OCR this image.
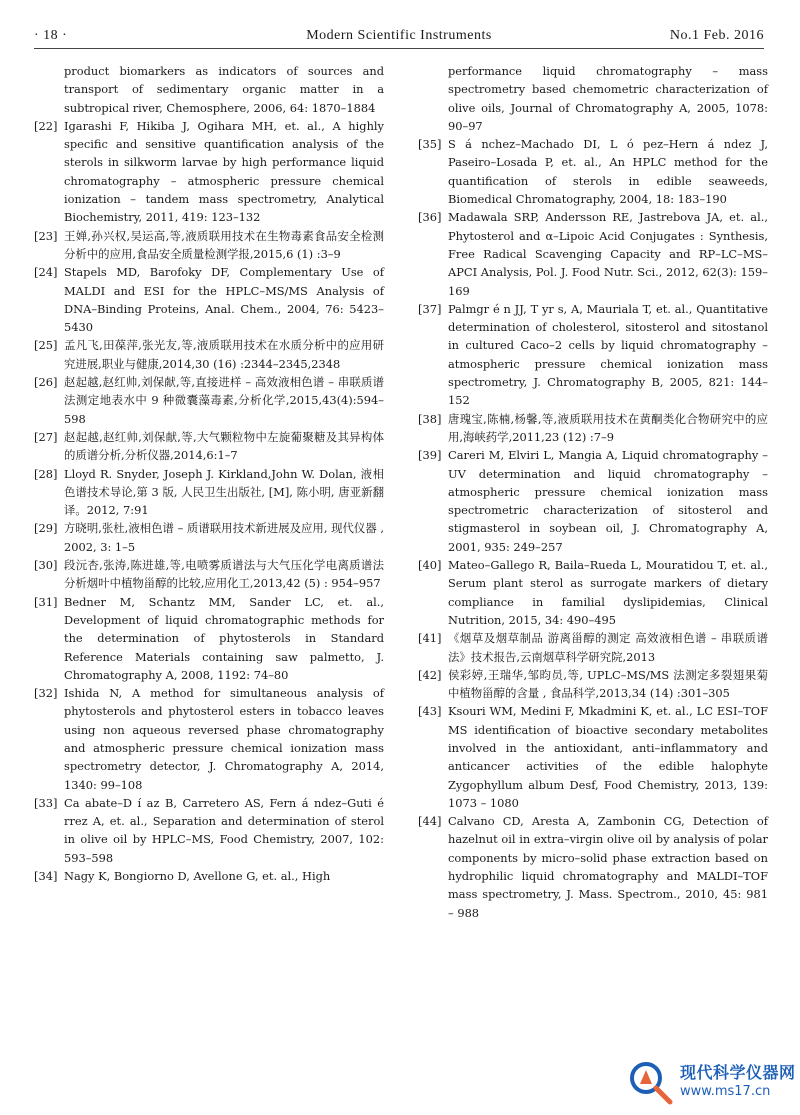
· 18 ·	Modern Scientific Instruments	No.1 Feb. 2016
product biomarkers as indicators of sources and transport of sedimentary organic matter in a subtropical river, Chemosphere, 2006, 64: 1870–1884
[22] Igarashi F, Hikiba J, Ogihara MH, et. al., A highly specific and sensitive quantification analysis of the sterols in silkworm larvae by high performance liquid chromatography – atmospheric pressure chemical ionization – tandem mass spectrometry, Analytical Biochemistry, 2011, 419: 123–132
[23] 王婵,孙兴权,吴运高,等,液质联用技术在生物毒素食品安全检测分析中的应用,食品安全质量检测学报,2015,6 (1) :3–9
[24] Stapels MD, Barofoky DF, Complementary Use of MALDI and ESI for the HPLC–MS/MS Analysis of DNA–Binding Proteins, Anal. Chem., 2004, 76: 5423–5430
[25] 孟凡飞,田葆萍,张光友,等,液质联用技术在水质分析中的应用研究进展,职业与健康,2014,30 (16) :2344–2345,2348
[26] 赵起越,赵红帅,刘保献,等,直接进样 – 高效液相色谱 – 串联质谱法测定地表水中 9 种微囊藻毒素,分析化学,2015,43(4):594–598
[27] 赵起越,赵红帅,刘保献,等,大气颗粒物中左旋葡聚糖及其异构体的质谱分析,分析仪器,2014,6:1–7
[28] Lloyd R. Snyder, Joseph J. Kirkland,John W. Dolan, 液相色谱技术导论,第 3 版, 人民卫生出版社, [M], 陈小明, 唐亚新翻译。2012, 7:91
[29] 方晓明,张杜,液相色谱 – 质谱联用技术新进展及应用, 现代仪器 , 2002, 3: 1–5
[30] 段沅杏,张涛,陈进雄,等,电喷雾质谱法与大气压化学电离质谱法分析烟叶中植物甾醇的比较,应用化工,2013,42 (5) : 954–957
[31] Bedner M, Schantz MM, Sander LC, et. al., Development of liquid chromatographic methods for the determination of phytosterols in Standard Reference Materials containing saw palmetto, J. Chromatography A, 2008, 1192: 74–80
[32] Ishida N, A method for simultaneous analysis of phytosterols and phytosterol esters in tobacco leaves using non aqueous reversed phase chromatography and atmospheric pressure chemical ionization mass spectrometry detector, J. Chromatography A, 2014, 1340: 99–108
[33] Ca abate–D í az B, Carretero AS, Fern á ndez–Guti é rrez A, et. al., Separation and determination of sterol in olive oil by HPLC–MS, Food Chemistry, 2007, 102: 593–598
[34] Nagy K, Bongiorno D, Avellone G, et. al., High
performance liquid chromatography – mass spectrometry based chemometric characterization of olive oils, Journal of Chromatography A, 2005, 1078: 90–97
[35] S á nchez–Machado DI, L ó pez–Hern á ndez J, Paseiro–Losada P, et. al., An HPLC method for the quantification of sterols in edible seaweeds, Biomedical Chromatography, 2004, 18: 183–190
[36] Madawala SRP, Andersson RE, Jastrebova JA, et. al., Phytosterol and α–Lipoic Acid Conjugates : Synthesis, Free Radical Scavenging Capacity and RP–LC–MS–APCI Analysis, Pol. J. Food Nutr. Sci., 2012, 62(3): 159–169
[37] Palmgr é n JJ, T yr s, A, Mauriala T, et. al., Quantitative determination of cholesterol, sitosterol and sitostanol in cultured Caco–2 cells by liquid chromatography – atmospheric pressure chemical ionization mass spectrometry, J. Chromatography B, 2005, 821: 144–152
[38] 唐瑰宝,陈楠,杨馨,等,液质联用技术在黄酮类化合物研究中的应用,海峡药学,2011,23 (12) :7–9
[39] Careri M, Elviri L, Mangia A, Liquid chromatography –UV determination and liquid chromatography – atmospheric pressure chemical ionization mass spectrometric characterization of sitosterol and stigmasterol in soybean oil, J. Chromatography A, 2001, 935: 249–257
[40] Mateo–Gallego R, Baila–Rueda L, Mouratidou T, et. al., Serum plant sterol as surrogate markers of dietary compliance in familial dyslipidemias, Clinical Nutrition, 2015, 34: 490–495
[41] 《烟草及烟草制品 游离甾醇的测定 高效液相色谱 – 串联质谱法》技术报告,云南烟草科学研究院,2013
[42] 侯彩婷,王瑞华,邹昀员,等, UPLC–MS/MS 法测定多裂翅果菊中植物甾醇的含量 , 食品科学,2013,34 (14) :301–305
[43] Ksouri WM, Medini F, Mkadmini K, et. al., LC ESI–TOF MS identification of bioactive secondary metabolites involved in the antioxidant, anti–inflammatory and anticancer activities of the edible halophyte Zygophyllum album Desf, Food Chemistry, 2013, 139: 1073 – 1080
[44] Calvano CD, Aresta A, Zambonin CG, Detection of hazelnut oil in extra–virgin olive oil by analysis of polar components by micro–solid phase extraction based on hydrophilic liquid chromatography and MALDI–TOF mass spectrometry, J. Mass. Spectrom., 2010, 45: 981 – 988
现代科学仪器网
www.ms17.cn
